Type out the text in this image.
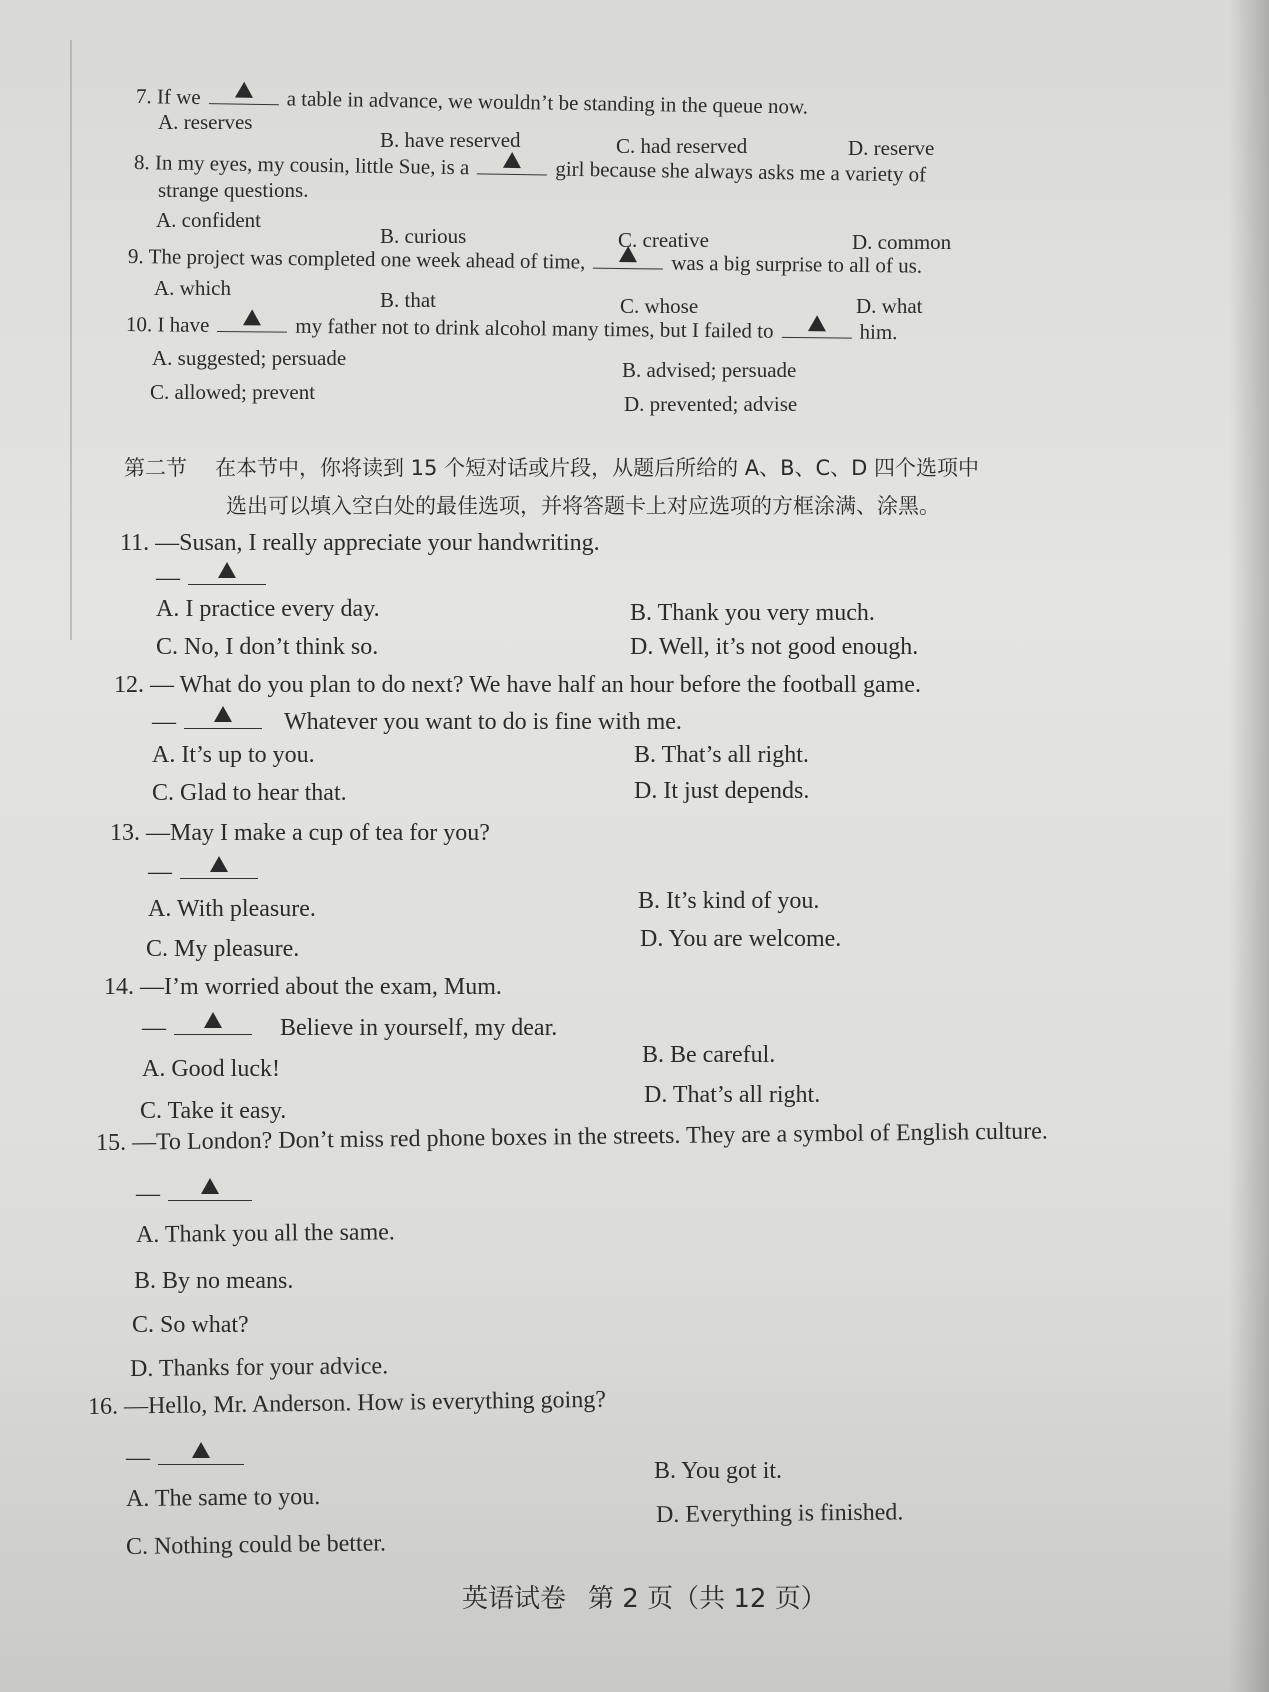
7. If we	a table in advance, we wouldn’t be standing in the queue now.
A. reserves
B. have reserved	C. had reserved	D. reserve
8. In my eyes, my cousin, little Sue, is a	girl because she always asks me a variety of
strange questions.
A. confident
B. curious	C. creative	D. common
9. The project was completed one week ahead of time,	was a big surprise to all of us.
A. which	B. that	C. whose	D. what
10. I have	my father not to drink alcohol many times, but I failed to	him.
A. suggested; persuade	B. advised; persuade
C. allowed; prevent	D. prevented; advise
第二节 在本节中，你将读到 15 个短对话或片段，从题后所给的 A、B、C、D 四个选项中
选出可以填入空白处的最佳选项，并将答题卡上对应选项的方框涂满、涂黑。
11. —Susan, I really appreciate your handwriting.
—
A. I practice every day.	B. Thank you very much.
C. No, I don’t think so.	D. Well, it’s not good enough.
12. — What do you plan to do next? We have half an hour before the football game.
—	Whatever you want to do is fine with me.
A. It’s up to you.	B. That’s all right.
C. Glad to hear that.	D. It just depends.
13. —May I make a cup of tea for you?
—
A. With pleasure.	B. It’s kind of you.
C. My pleasure.	D. You are welcome.
14. —I’m worried about the exam, Mum.
—	Believe in yourself, my dear.
A. Good luck!
B. Be careful.
C. Take it easy.
D. That’s all right.
15. —To London? Don’t miss red phone boxes in the streets. They are a symbol of English culture.
—
A. Thank you all the same.
B. By no means.
C. So what?
D. Thanks for your advice.
16. —Hello, Mr. Anderson. How is everything going?
—
A. The same to you.
B. You got it.
C. Nothing could be better.
D. Everything is finished.
英语试卷 第 2 页（共 12 页）
